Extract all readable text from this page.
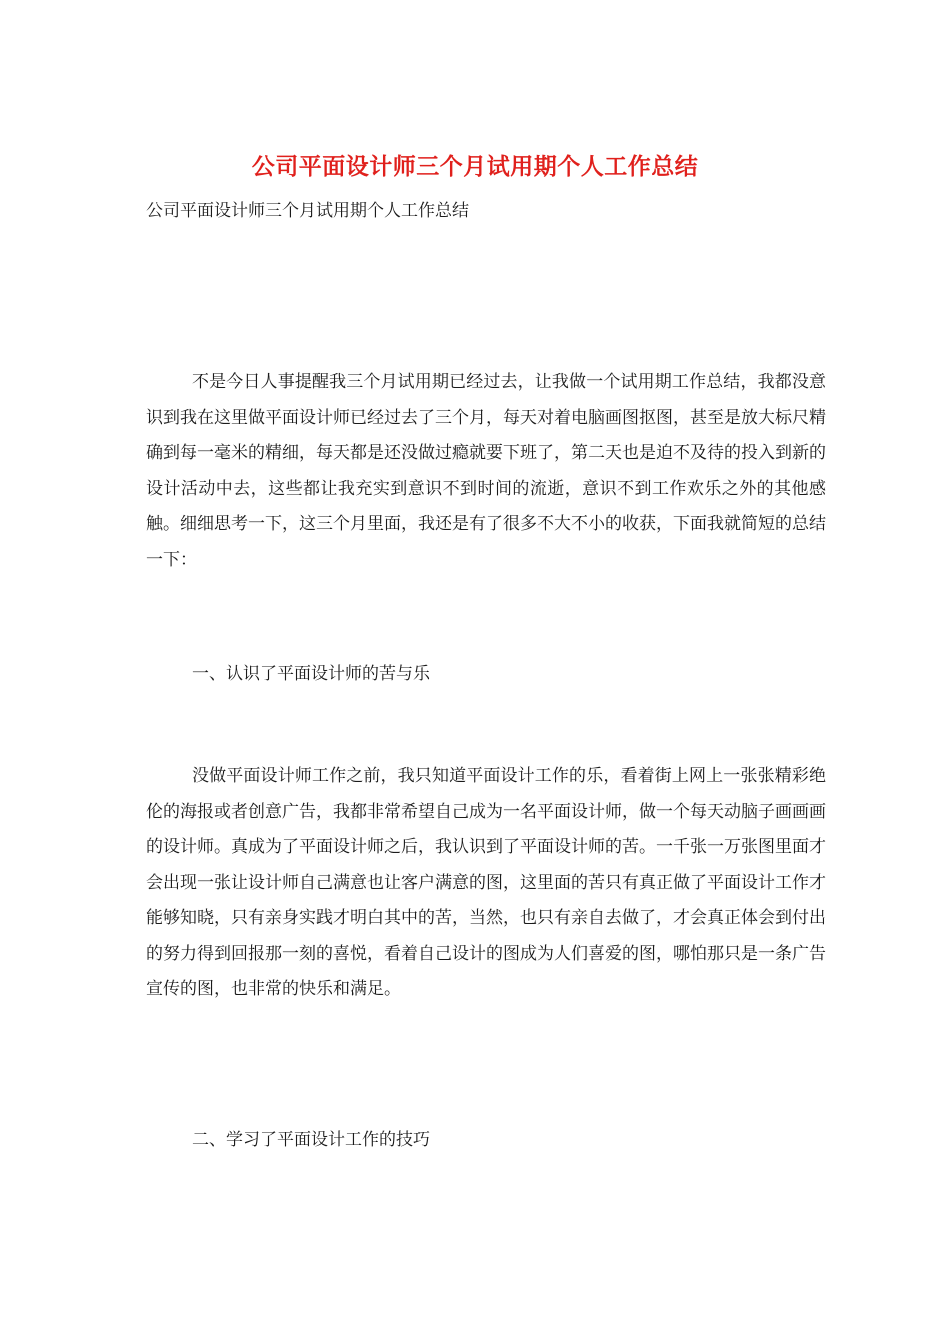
公司平面设计师三个月试用期个人工作总结
公司平面设计师三个月试用期个人工作总结

不是今日人事提醒我三个月试用期已经过去，让我做一个试用期工作总结，我都没意识到我在这里做平面设计师已经过去了三个月，每天对着电脑画图抠图，甚至是放大标尺精确到每一毫米的精细，每天都是还没做过瘾就要下班了，第二天也是迫不及待的投入到新的设计活动中去，这些都让我充实到意识不到时间的流逝，意识不到工作欢乐之外的其他感触。细细思考一下，这三个月里面，我还是有了很多不大不小的收获，下面我就简短的总结一下：

一、认识了平面设计师的苦与乐

没做平面设计师工作之前，我只知道平面设计工作的乐，看着街上网上一张张精彩绝伦的海报或者创意广告，我都非常希望自己成为一名平面设计师，做一个每天动脑子画画画的设计师。真成为了平面设计师之后，我认识到了平面设计师的苦。一千张一万张图里面才会出现一张让设计师自己满意也让客户满意的图，这里面的苦只有真正做了平面设计工作才能够知晓，只有亲身实践才明白其中的苦，当然，也只有亲自去做了，才会真正体会到付出的努力得到回报那一刻的喜悦，看着自己设计的图成为人们喜爱的图，哪怕那只是一条广告宣传的图，也非常的快乐和满足。

二、学习了平面设计工作的技巧
